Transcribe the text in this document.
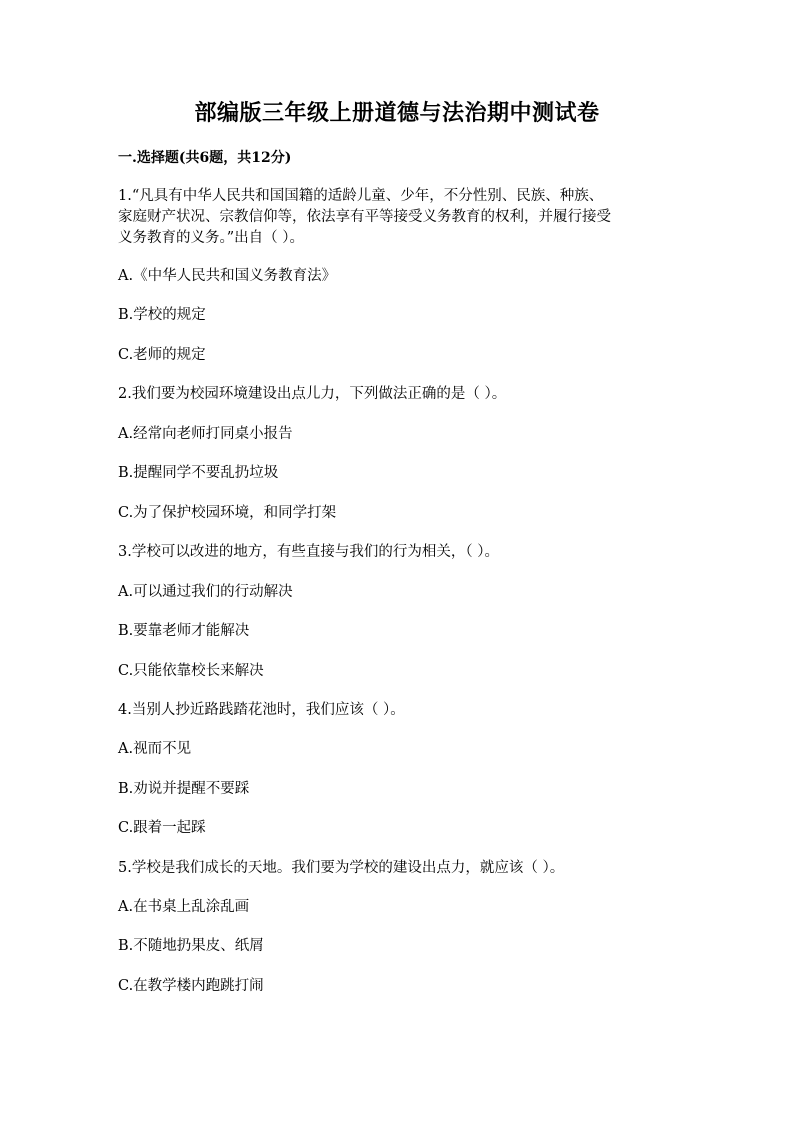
部编版三年级上册道德与法治期中测试卷
一.选择题(共6题，共12分)
1.“凡具有中华人民共和国国籍的适龄儿童、少年，不分性别、民族、种族、
家庭财产状况、宗教信仰等，依法享有平等接受义务教育的权利，并履行接受
义务教育的义务。”出自（ ）。
A.《中华人民共和国义务教育法》
B.学校的规定
C.老师的规定
2.我们要为校园环境建设出点儿力，下列做法正确的是（ ）。
A.经常向老师打同桌小报告
B.提醒同学不要乱扔垃圾
C.为了保护校园环境，和同学打架
3.学校可以改进的地方，有些直接与我们的行为相关，（ ）。
A.可以通过我们的行动解决
B.要靠老师才能解决
C.只能依靠校长来解决
4.当别人抄近路践踏花池时，我们应该（ ）。
A.视而不见
B.劝说并提醒不要踩
C.跟着一起踩
5.学校是我们成长的天地。我们要为学校的建设出点力，就应该（ ）。
A.在书桌上乱涂乱画
B.不随地扔果皮、纸屑
C.在教学楼内跑跳打闹
